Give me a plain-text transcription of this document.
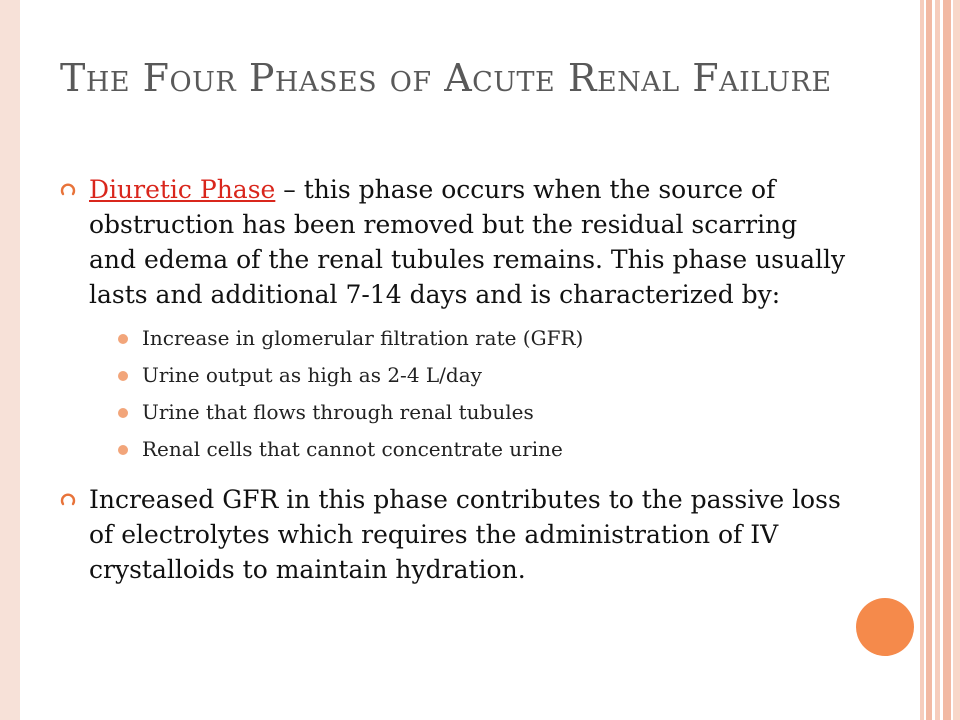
The Four Phases of Acute Renal Failure
Diuretic Phase – this phase occurs when the source of obstruction has been removed but the residual scarring and edema of the renal tubules remains. This phase usually lasts and additional 7-14 days and is characterized by:
Increase in glomerular filtration rate (GFR)
Urine output as high as 2-4 L/day
Urine that flows through renal tubules
Renal cells that cannot concentrate urine
Increased GFR in this phase contributes to the passive loss of electrolytes which requires the administration of IV crystalloids to maintain hydration.
